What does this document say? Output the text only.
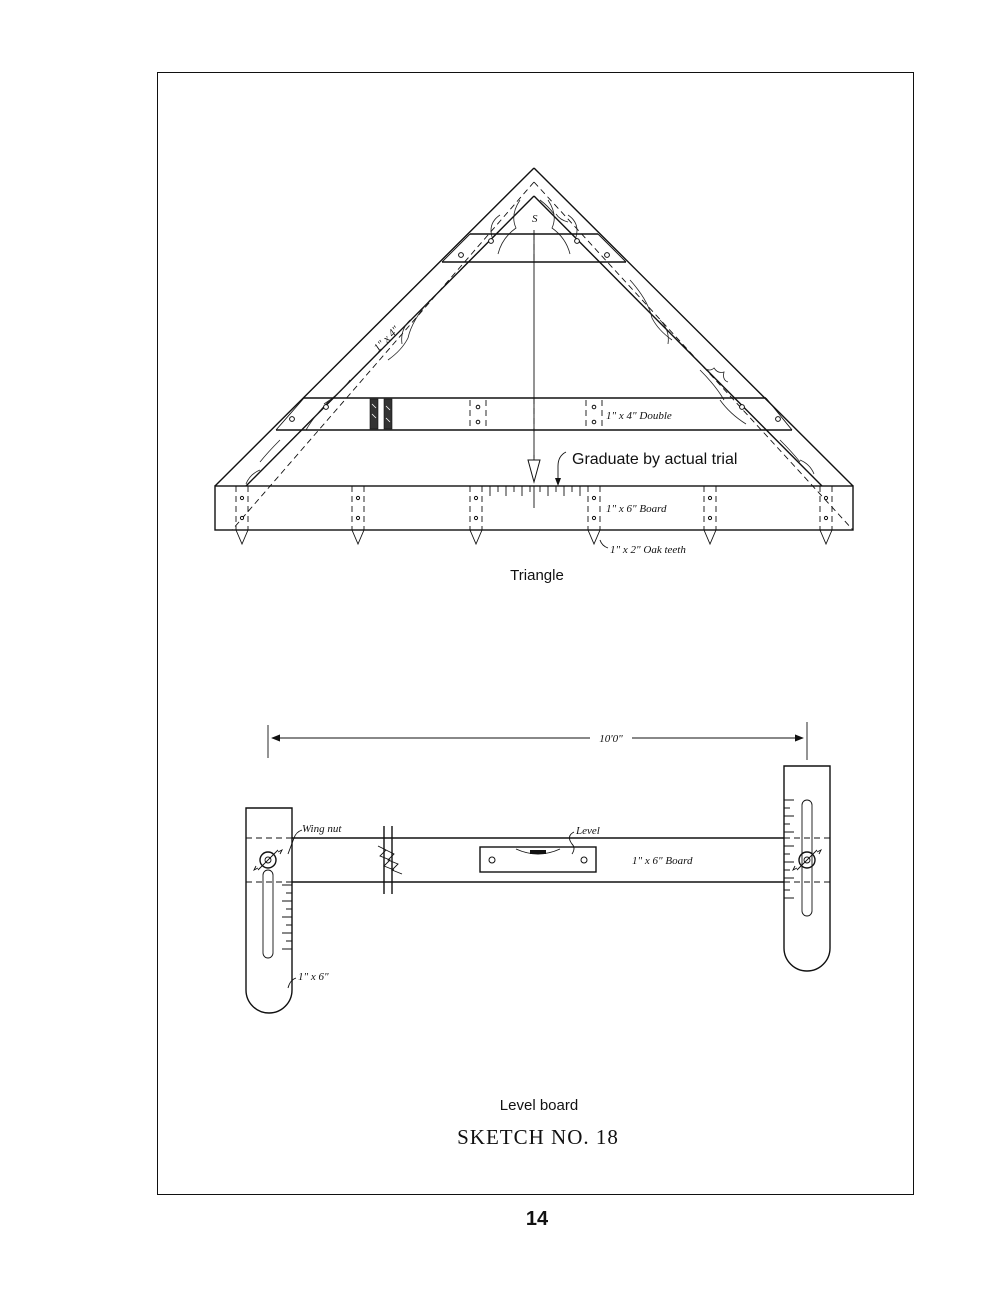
S
1" x 4"
1" x 4" Double
Graduate by actual trial
1" x 6" Board
1" x 2" Oak teeth
Triangle
10'0"
Wing nut	Level
1" x 6" Board
1" x 6"
Level board
SKETCH NO. 18
14
